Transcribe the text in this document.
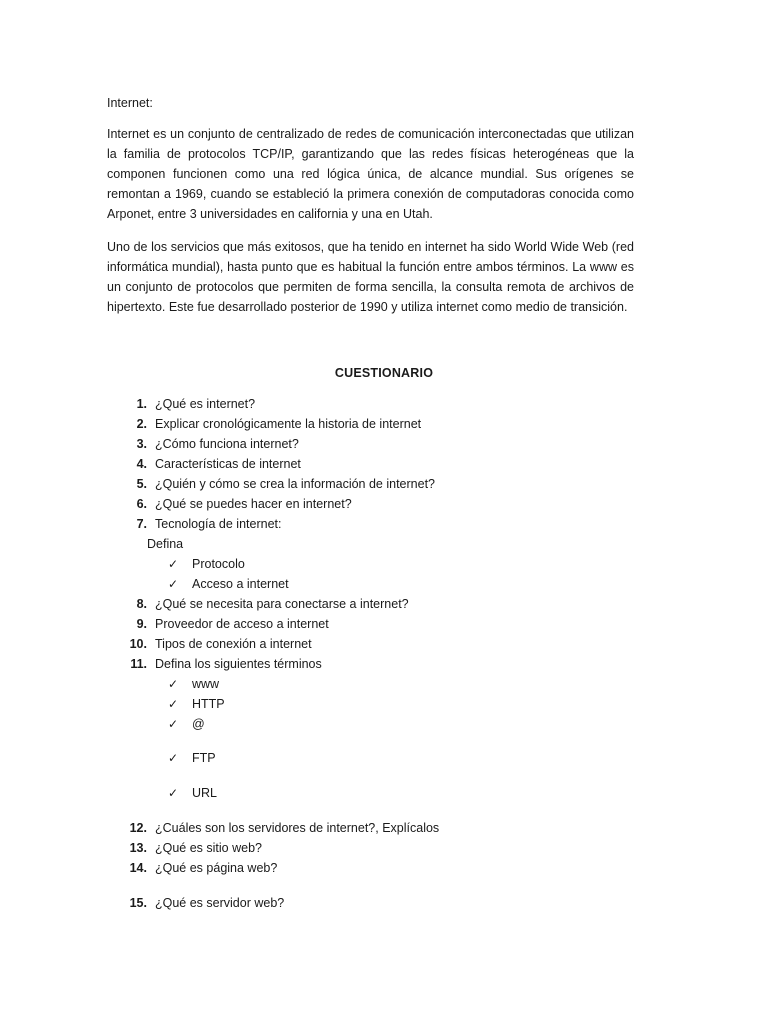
Internet:
Internet es un conjunto de centralizado de redes de comunicación interconectadas que utilizan la familia de protocolos TCP/IP, garantizando que las redes físicas heterogéneas que la componen funcionen como una red lógica única, de alcance mundial. Sus orígenes se remontan a 1969, cuando se estableció la primera conexión de computadoras conocida como Arponet, entre 3 universidades en california y una en Utah.
Uno de los servicios que más exitosos, que ha tenido en internet ha sido World Wide Web (red informática mundial), hasta punto que es habitual la función entre ambos términos. La www es un conjunto de protocolos que permiten de forma sencilla, la consulta remota de archivos de hipertexto. Este fue desarrollado posterior de 1990 y utiliza internet como medio de transición.
CUESTIONARIO
1. ¿Qué es internet?
2. Explicar cronológicamente la historia de internet
3. ¿Cómo funciona internet?
4. Características de internet
5. ¿Quién y cómo se crea la información de internet?
6. ¿Qué se puedes hacer en internet?
7. Tecnología de internet:
Defina
✓ Protocolo
✓ Acceso a internet
8. ¿Qué se necesita para conectarse a internet?
9. Proveedor de acceso a internet
10. Tipos de conexión a internet
11. Defina los siguientes términos
✓ www
✓ HTTP
✓ @
✓ FTP
✓ URL
12. ¿Cuáles son los servidores de internet?, Explícalos
13. ¿Qué es sitio web?
14. ¿Qué es página web?
15. ¿Qué es servidor web?
